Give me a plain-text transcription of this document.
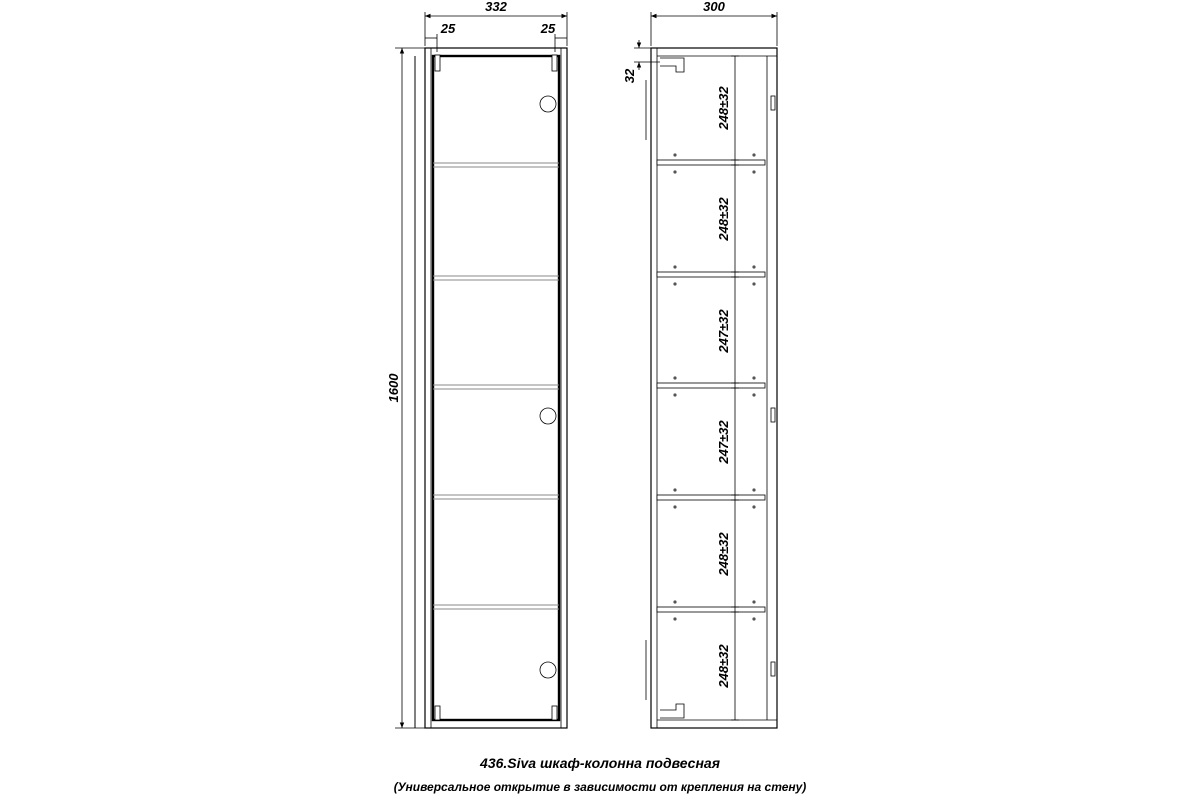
332
25	25
1600
300
32
248±32
248±32
247±32
247±32
248±32
248±32
436.Siva шкаф-колонна подвесная
(Универсальное открытие в зависимости от крепления на стену)
